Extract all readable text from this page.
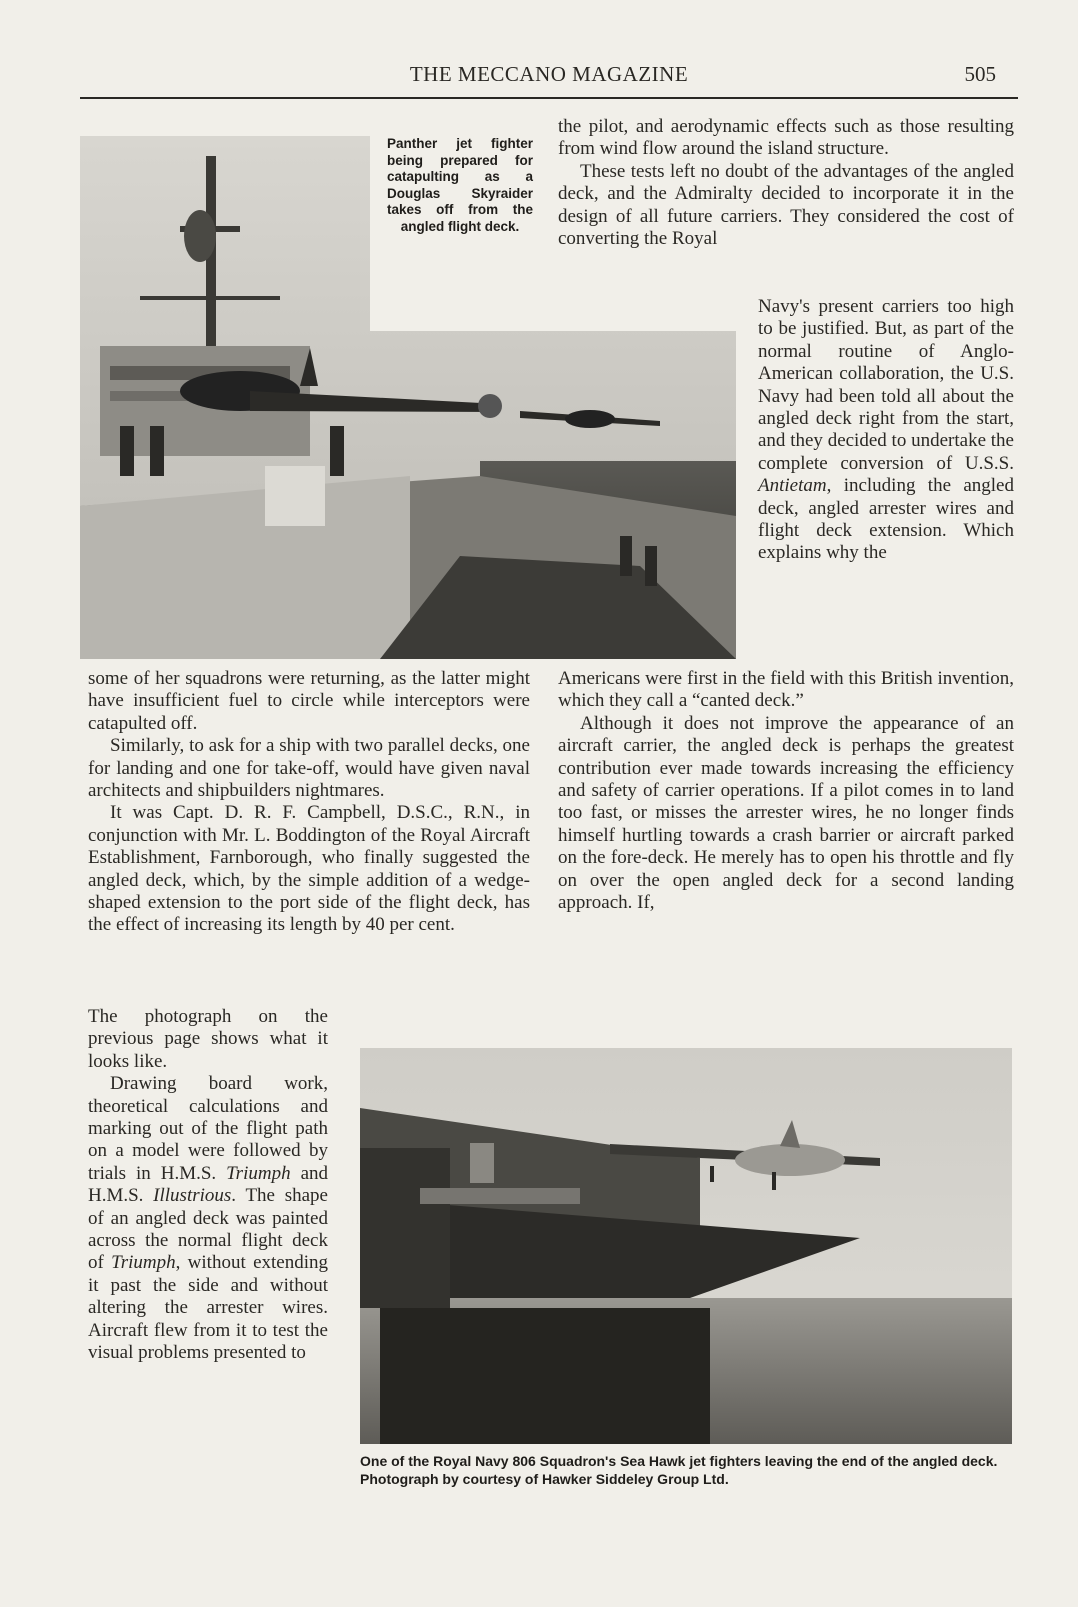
THE MECCANO MAGAZINE	505
Panther jet fighter being prepared for catapulting as a Douglas Skyraider takes off from the angled flight deck.

the pilot, and aerodynamic effects such as those resulting from wind flow around the island structure.

These tests left no doubt of the advantages of the angled deck, and the Admiralty decided to incorporate it in the design of all future carriers. They considered the cost of converting the Royal

Navy's present carriers too high to be justified. But, as part of the normal routine of Anglo-American collaboration, the U.S. Navy had been told all about the angled deck right from the start, and they decided to undertake the complete conversion of U.S.S. Antietam, including the angled deck, angled arrester wires and flight deck extension. Which explains why the

Americans were first in the field with this British invention, which they call a “canted deck.”

Although it does not improve the appearance of an aircraft carrier, the angled deck is perhaps the greatest contribution ever made towards increasing the efficiency and safety of carrier operations. If a pilot comes in to land too fast, or misses the arrester wires, he no longer finds himself hurtling towards a crash barrier or aircraft parked on the fore-deck. He merely has to open his throttle and fly on over the open angled deck for a second landing approach. If,

some of her squadrons were returning, as the latter might have insufficient fuel to circle while interceptors were catapulted off.

Similarly, to ask for a ship with two parallel decks, one for landing and one for take-off, would have given naval architects and shipbuilders nightmares.

It was Capt. D. R. F. Campbell, D.S.C., R.N., in conjunction with Mr. L. Boddington of the Royal Aircraft Establishment, Farnborough, who finally suggested the angled deck, which, by the simple addition of a wedge-shaped extension to the port side of the flight deck, has the effect of increasing its length by 40 per cent.

The photograph on the previous page shows what it looks like.

Drawing board work, theoretical calculations and marking out of the flight path on a model were followed by trials in H.M.S. Triumph and H.M.S. Illustrious. The shape of an angled deck was painted across the normal flight deck of Triumph, without extending it past the side and without altering the arrester wires. Aircraft flew from it to test the visual problems presented to

One of the Royal Navy 806 Squadron's Sea Hawk jet fighters leaving the end of the angled deck. Photograph by courtesy of Hawker Siddeley Group Ltd.
